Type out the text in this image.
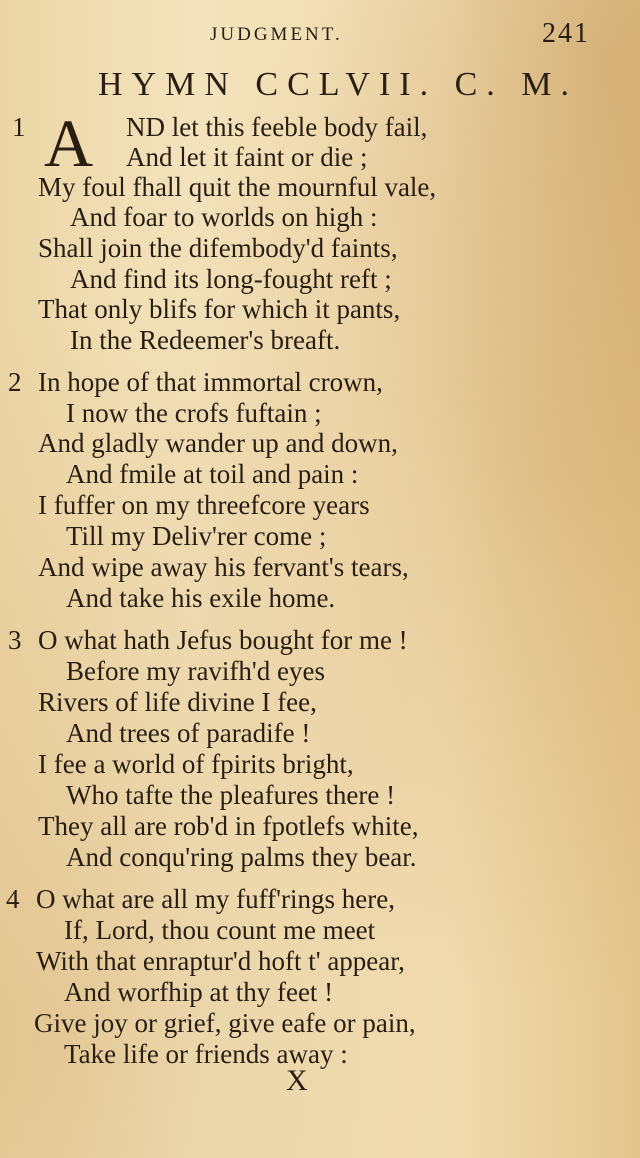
JUDGMENT.	241
HYMN CCLVII. C. M.
1 A ND let this feeble body fail,
And let it faint or die ;
My foul fhall quit the mournful vale,
And foar to worlds on high :
Shall join the difembody'd faints,
And find its long-fought reft ;
That only blifs for which it pants,
In the Redeemer's breaft.
2 In hope of that immortal crown,
I now the crofs fuftain ;
And gladly wander up and down,
And fmile at toil and pain :
I fuffer on my threefcore years
Till my Deliv'rer come ;
And wipe away his fervant's tears,
And take his exile home.
3 O what hath Jefus bought for me !
Before my ravifh'd eyes
Rivers of life divine I fee,
And trees of paradife !
I fee a world of fpirits bright,
Who tafte the pleafures there !
They all are rob'd in fpotlefs white,
And conqu'ring palms they bear.
4 O what are all my fuff'rings here,
If, Lord, thou count me meet
With that enraptur'd hoft t' appear,
And worfhip at thy feet !
Give joy or grief, give eafe or pain,
Take life or friends away :
X
